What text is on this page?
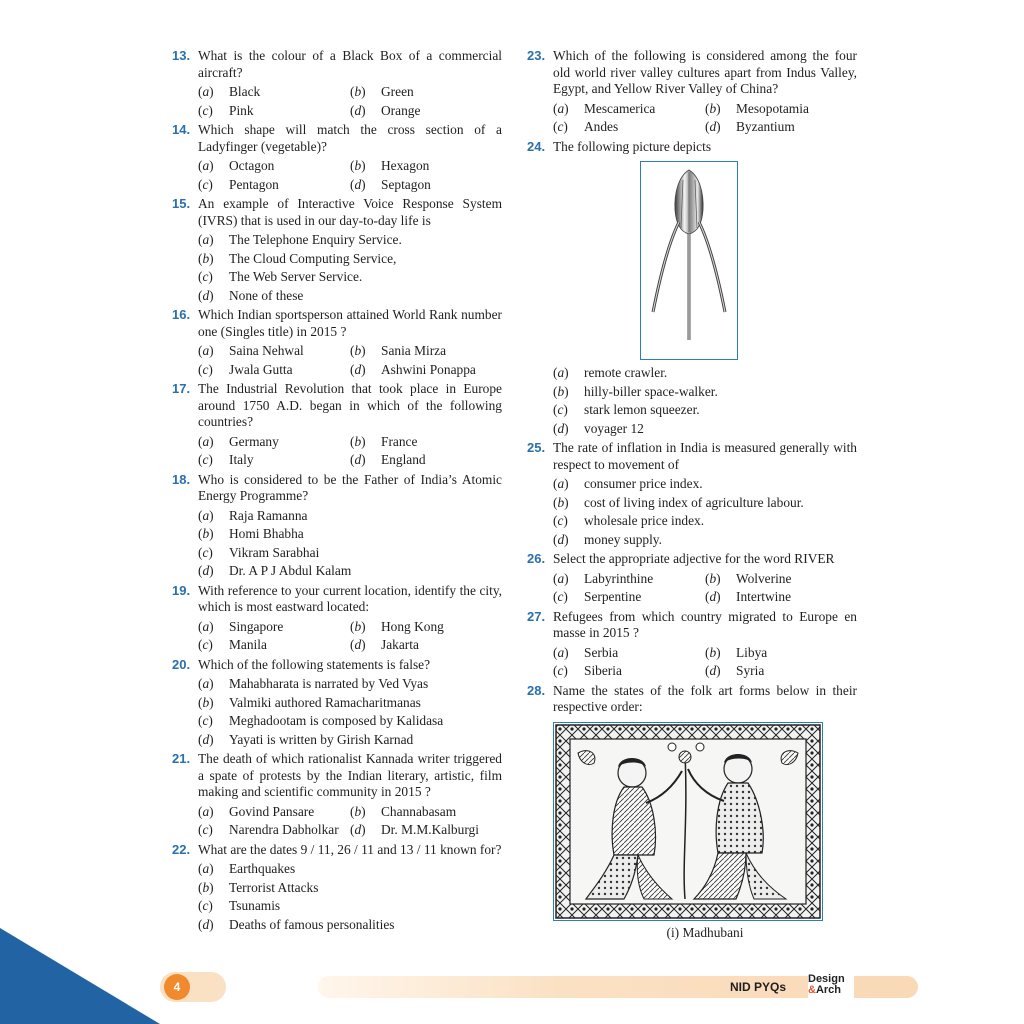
13. What is the colour of a Black Box of a commercial aircraft?
( a )	Black	( b )	Green
( c )	Pink	( d )	Orange
14. Which shape will match the cross section of a Ladyfinger (vegetable)?
( a )	Octagon	( b )	Hexagon
( c )	Pentagon	( d )	Septagon
15. An example of Interactive Voice Response System (IVRS) that is used in our day-to-day life is
( a )	The Telephone Enquiry Service.
( b )	The Cloud Computing Service,
( c )	The Web Server Service.
( d )	None of these
16. Which Indian sportsperson attained World Rank number one (Singles title) in 2015 ?
( a )	Saina Nehwal	( b )	Sania Mirza
( c )	Jwala Gutta	( d )	Ashwini Ponappa
17. The Industrial Revolution that took place in Europe around 1750 A.D. began in which of the following countries?
( a )	Germany	( b )	France
( c )	Italy	( d )	England
18. Who is considered to be the Father of India’s Atomic Energy Programme?
( a )	Raja Ramanna
( b )	Homi Bhabha
( c )	Vikram Sarabhai
( d )	Dr. A P J Abdul Kalam
19. With reference to your current location, identify the city, which is most eastward located:
( a )	Singapore	( b )	Hong Kong
( c )	Manila	( d )	Jakarta
20. Which of the following statements is false?
( a )	Mahabharata is narrated by Ved Vyas
( b )	Valmiki authored Ramacharitmanas
( c )	Meghadootam is composed by Kalidasa
( d )	Yayati is written by Girish Karnad
21. The death of which rationalist Kannada writer triggered a spate of protests by the Indian literary, artistic, film making and scientific community in 2015 ?
( a )	Govind Pansare	( b )	Channabasam
( c )	Narendra Dabholkar	( d )	Dr. M.M.Kalburgi
22. What are the dates 9 / 11, 26 / 11 and 13 / 11 known for?
( a )	Earthquakes
( b )	Terrorist Attacks
( c )	Tsunamis
( d )	Deaths of famous personalities
23. Which of the following is considered among the four old world river valley cultures apart from Indus Valley, Egypt, and Yellow River Valley of China?
( a )	Mescamerica	( b )	Mesopotamia
( c )	Andes	( d )	Byzantium
24. The following picture depicts
( a )	remote crawler.
( b )	hilly-biller space-walker.
( c )	stark lemon squeezer.
( d )	voyager 12
25. The rate of inflation in India is measured generally with respect to movement of
( a )	consumer price index.
( b )	cost of living index of agriculture labour.
( c )	wholesale price index.
( d )	money supply.
26. Select the appropriate adjective for the word RIVER
( a )	Labyrinthine	( b )	Wolverine
( c )	Serpentine	( d )	Intertwine
27. Refugees from which country migrated to Europe en masse in 2015 ?
( a )	Serbia	( b )	Libya
( c )	Siberia	( d )	Syria
28. Name the states of the folk art forms below in their respective order:
(i) Madhubani
4	NID PYQs
Design
&Arch
